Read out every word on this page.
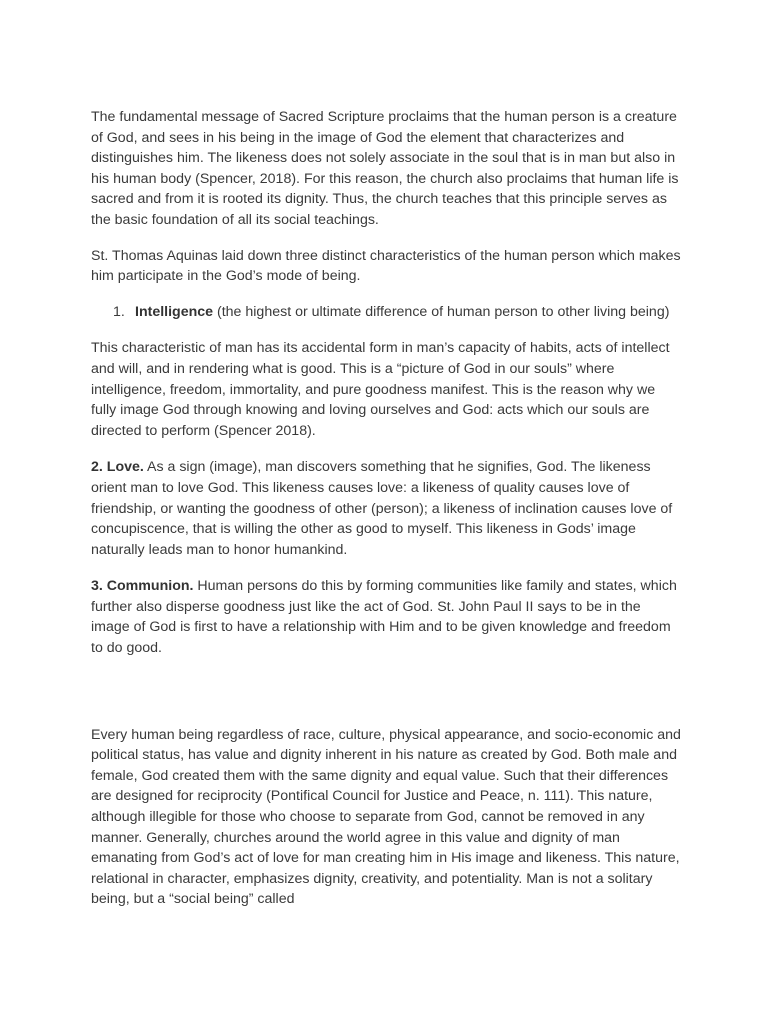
The fundamental message of Sacred Scripture proclaims that the human person is a creature of God, and sees in his being in the image of God the element that characterizes and distinguishes him. The likeness does not solely associate in the soul that is in man but also in his human body (Spencer, 2018). For this reason, the church also proclaims that human life is sacred and from it is rooted its dignity. Thus, the church teaches that this principle serves as the basic foundation of all its social teachings.

St. Thomas Aquinas laid down three distinct characteristics of the human person which makes him participate in the God’s mode of being.

1. Intelligence (the highest or ultimate difference of human person to other living being)

This characteristic of man has its accidental form in man’s capacity of habits, acts of intellect and will, and in rendering what is good. This is a “picture of God in our souls” where intelligence, freedom, immortality, and pure goodness manifest. This is the reason why we fully image God through knowing and loving ourselves and God: acts which our souls are directed to perform (Spencer 2018).

2. Love. As a sign (image), man discovers something that he signifies, God. The likeness orient man to love God. This likeness causes love: a likeness of quality causes love of friendship, or wanting the goodness of other (person); a likeness of inclination causes love of concupiscence, that is willing the other as good to myself. This likeness in Gods’ image naturally leads man to honor humankind.

3. Communion. Human persons do this by forming communities like family and states, which further also disperse goodness just like the act of God. St. John Paul II says to be in the image of God is first to have a relationship with Him and to be given knowledge and freedom to do good.

Every human being regardless of race, culture, physical appearance, and socio-economic and political status, has value and dignity inherent in his nature as created by God. Both male and female, God created them with the same dignity and equal value. Such that their differences are designed for reciprocity (Pontifical Council for Justice and Peace, n. 111). This nature, although illegible for those who choose to separate from God, cannot be removed in any manner. Generally, churches around the world agree in this value and dignity of man emanating from God’s act of love for man creating him in His image and likeness. This nature, relational in character, emphasizes dignity, creativity, and potentiality. Man is not a solitary being, but a “social being” called
